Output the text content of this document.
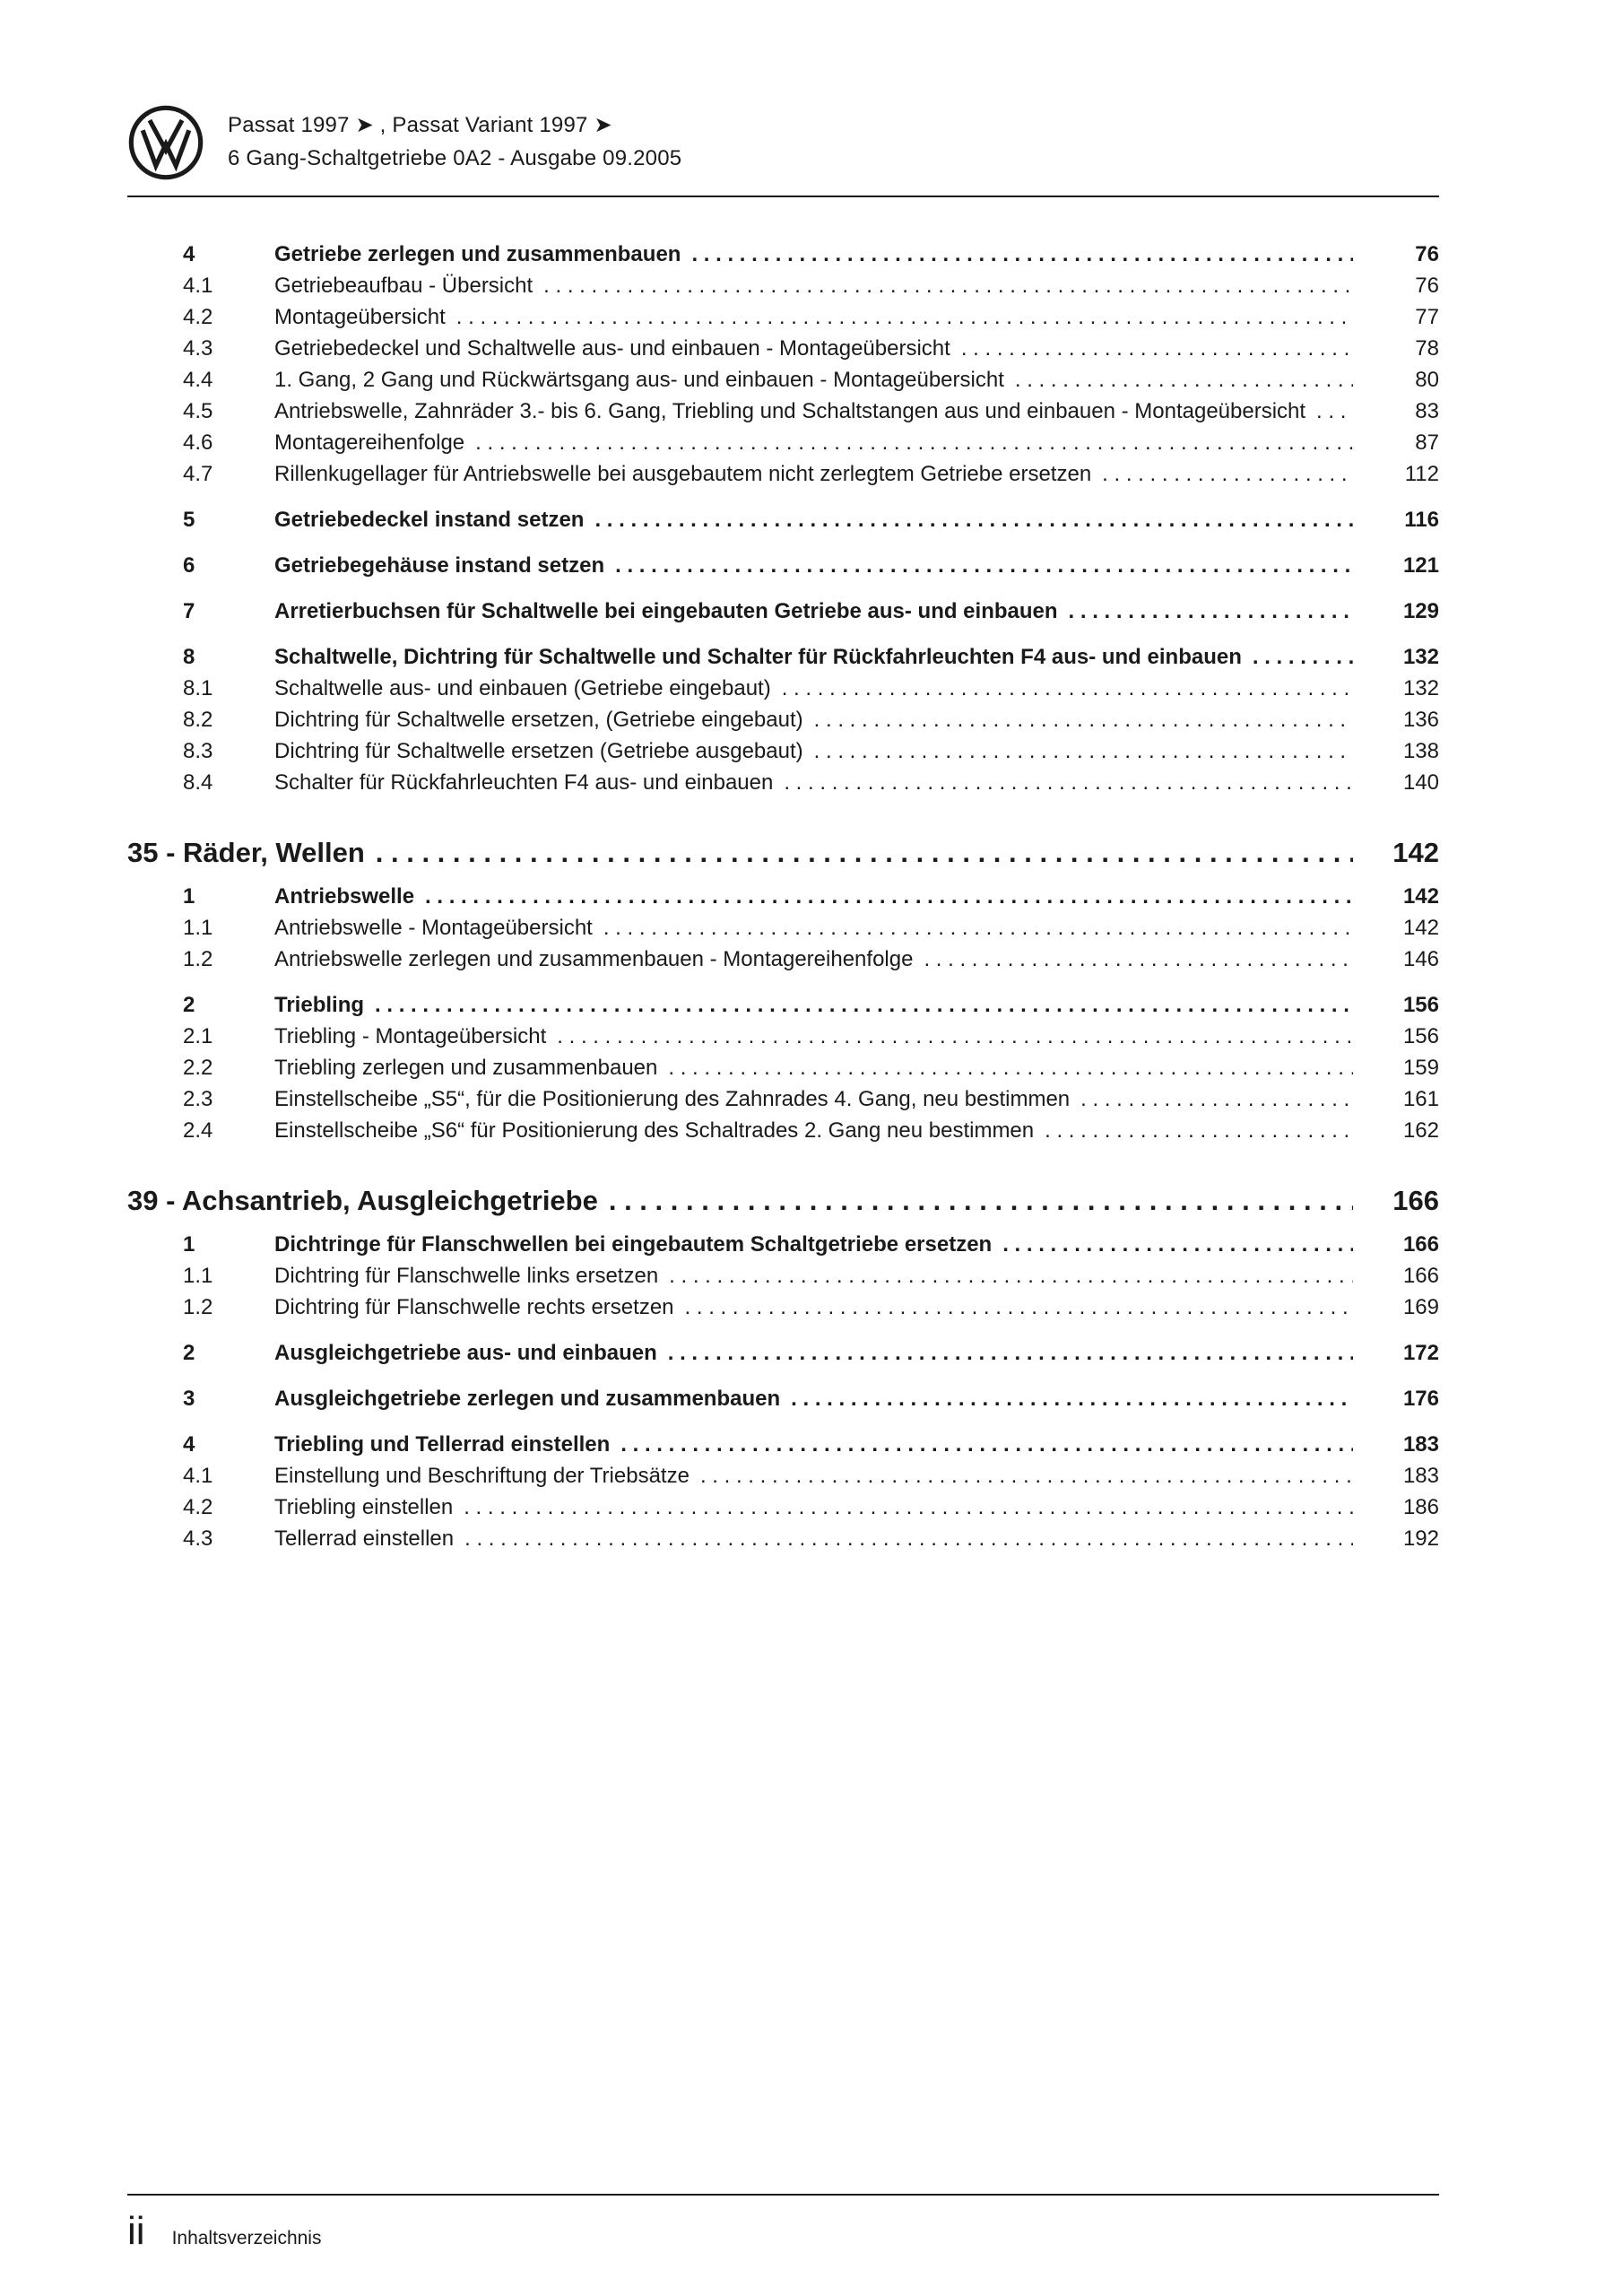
Passat 1997 ➤ , Passat Variant 1997 ➤
6 Gang-Schaltgetriebe 0A2 - Ausgabe 09.2005
4	Getriebe zerlegen und zusammenbauen . . .	76
4.1	Getriebeaufbau - Übersicht . . .	76
4.2	Montageübersicht . . .	77
4.3	Getriebedeckel und Schaltwelle aus- und einbauen - Montageübersicht . . .	78
4.4	1. Gang, 2 Gang und Rückwärtsgang aus- und einbauen - Montageübersicht . . .	80
4.5	Antriebswelle, Zahnräder 3.- bis 6. Gang, Triebling und Schaltstangen aus und einbauen - Montageübersicht . . .	83
4.6	Montagereihenfolge . . .	87
4.7	Rillenkugellager für Antriebswelle bei ausgebautem nicht zerlegtem Getriebe ersetzen . . .	112
5	Getriebedeckel instand setzen . . .	116
6	Getriebegehäuse instand setzen . . .	121
7	Arretierbuchsen für Schaltwelle bei eingebauten Getriebe aus- und einbauen . . .	129
8	Schaltwelle, Dichtring für Schaltwelle und Schalter für Rückfahrleuchten F4 aus- und einbauen . . .	132
8.1	Schaltwelle aus- und einbauen (Getriebe eingebaut) . . .	132
8.2	Dichtring für Schaltwelle ersetzen, (Getriebe eingebaut) . . .	136
8.3	Dichtring für Schaltwelle ersetzen (Getriebe ausgebaut) . . .	138
8.4	Schalter für Rückfahrleuchten F4 aus- und einbauen . . .	140
35 - Räder, Wellen . . .	142
1	Antriebswelle . . .	142
1.1	Antriebswelle - Montageübersicht . . .	142
1.2	Antriebswelle zerlegen und zusammenbauen - Montagereihenfolge . . .	146
2	Triebling . . .	156
2.1	Triebling - Montageübersicht . . .	156
2.2	Triebling zerlegen und zusammenbauen . . .	159
2.3	Einstellscheibe „S5“, für die Positionierung des Zahnrades 4. Gang, neu bestimmen . . .	161
2.4	Einstellscheibe „S6“ für Positionierung des Schaltrades 2. Gang neu bestimmen . . .	162
39 - Achsantrieb, Ausgleichgetriebe . . .	166
1	Dichtringe für Flanschwellen bei eingebautem Schaltgetriebe ersetzen . . .	166
1.1	Dichtring für Flanschwelle links ersetzen . . .	166
1.2	Dichtring für Flanschwelle rechts ersetzen . . .	169
2	Ausgleichgetriebe aus- und einbauen . . .	172
3	Ausgleichgetriebe zerlegen und zusammenbauen . . .	176
4	Triebling und Tellerrad einstellen . . .	183
4.1	Einstellung und Beschriftung der Triebsätze . . .	183
4.2	Triebling einstellen . . .	186
4.3	Tellerrad einstellen . . .	192
ii Inhaltsverzeichnis
